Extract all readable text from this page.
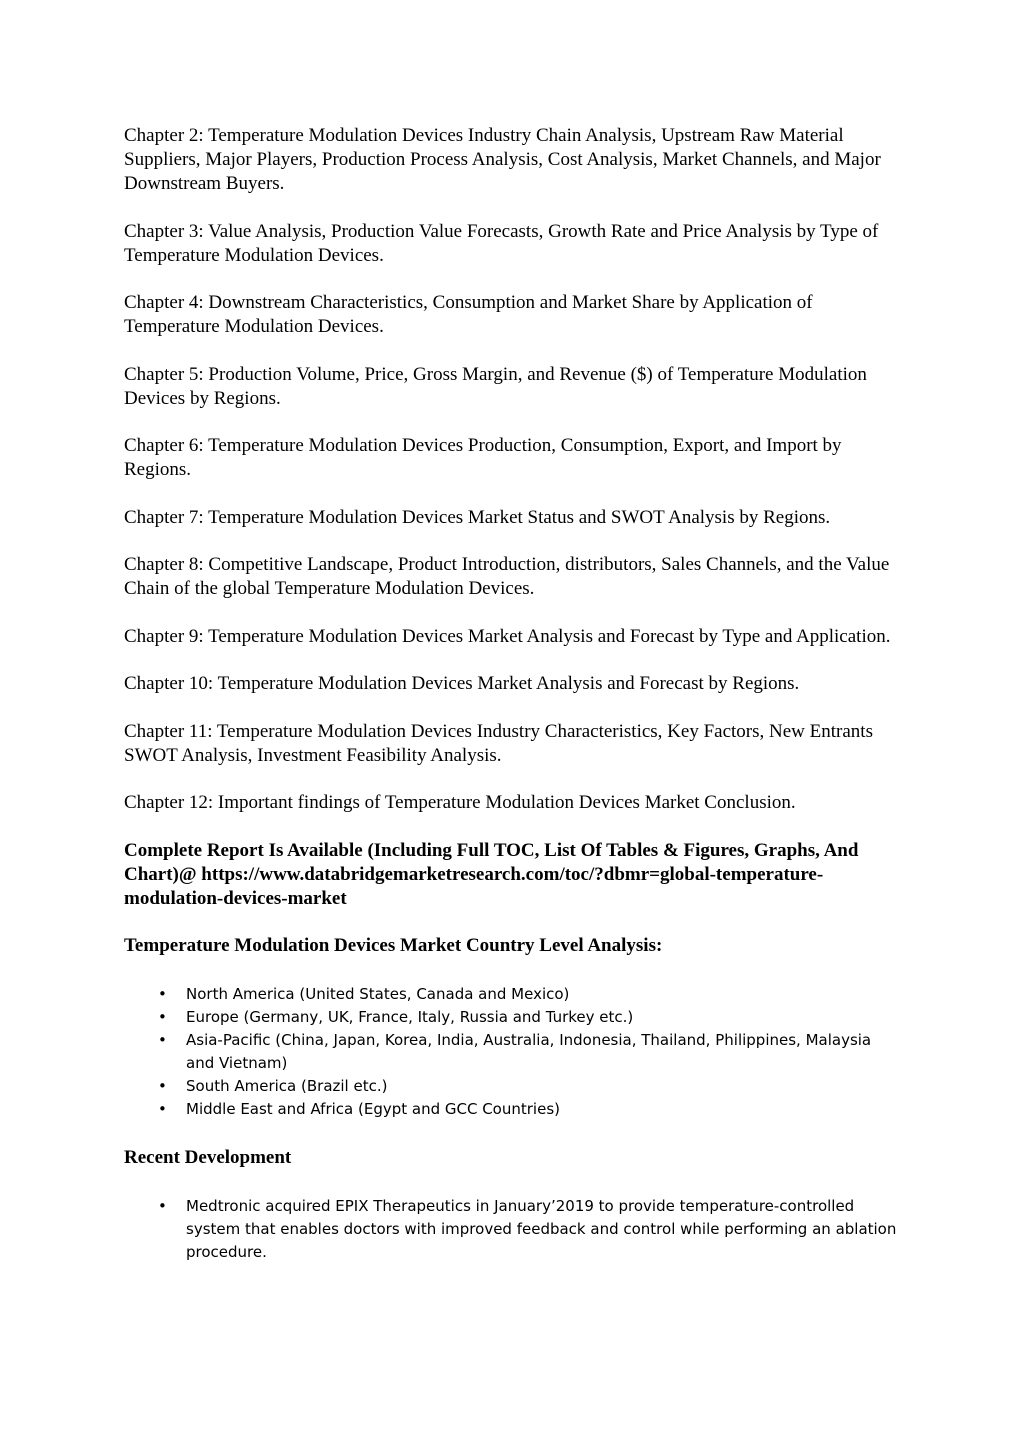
Chapter 2: Temperature Modulation Devices Industry Chain Analysis, Upstream Raw Material Suppliers, Major Players, Production Process Analysis, Cost Analysis, Market Channels, and Major Downstream Buyers.

Chapter 3: Value Analysis, Production Value Forecasts, Growth Rate and Price Analysis by Type of Temperature Modulation Devices.

Chapter 4: Downstream Characteristics, Consumption and Market Share by Application of Temperature Modulation Devices.

Chapter 5: Production Volume, Price, Gross Margin, and Revenue ($) of Temperature Modulation Devices by Regions.

Chapter 6: Temperature Modulation Devices Production, Consumption, Export, and Import by Regions.

Chapter 7: Temperature Modulation Devices Market Status and SWOT Analysis by Regions.

Chapter 8: Competitive Landscape, Product Introduction, distributors, Sales Channels, and the Value Chain of the global Temperature Modulation Devices.

Chapter 9: Temperature Modulation Devices Market Analysis and Forecast by Type and Application.

Chapter 10: Temperature Modulation Devices Market Analysis and Forecast by Regions.

Chapter 11: Temperature Modulation Devices Industry Characteristics, Key Factors, New Entrants SWOT Analysis, Investment Feasibility Analysis.

Chapter 12: Important findings of Temperature Modulation Devices Market Conclusion.

Complete Report Is Available (Including Full TOC, List Of Tables & Figures, Graphs, And Chart)@ https://www.databridgemarketresearch.com/toc/?dbmr=global-temperature-modulation-devices-market

Temperature Modulation Devices Market Country Level Analysis:

• North America (United States, Canada and Mexico)
• Europe (Germany, UK, France, Italy, Russia and Turkey etc.)
• Asia-Pacific (China, Japan, Korea, India, Australia, Indonesia, Thailand, Philippines, Malaysia and Vietnam)
• South America (Brazil etc.)
• Middle East and Africa (Egypt and GCC Countries)

Recent Development

• Medtronic acquired EPIX Therapeutics in January’2019 to provide temperature-controlled system that enables doctors with improved feedback and control while performing an ablation procedure.
